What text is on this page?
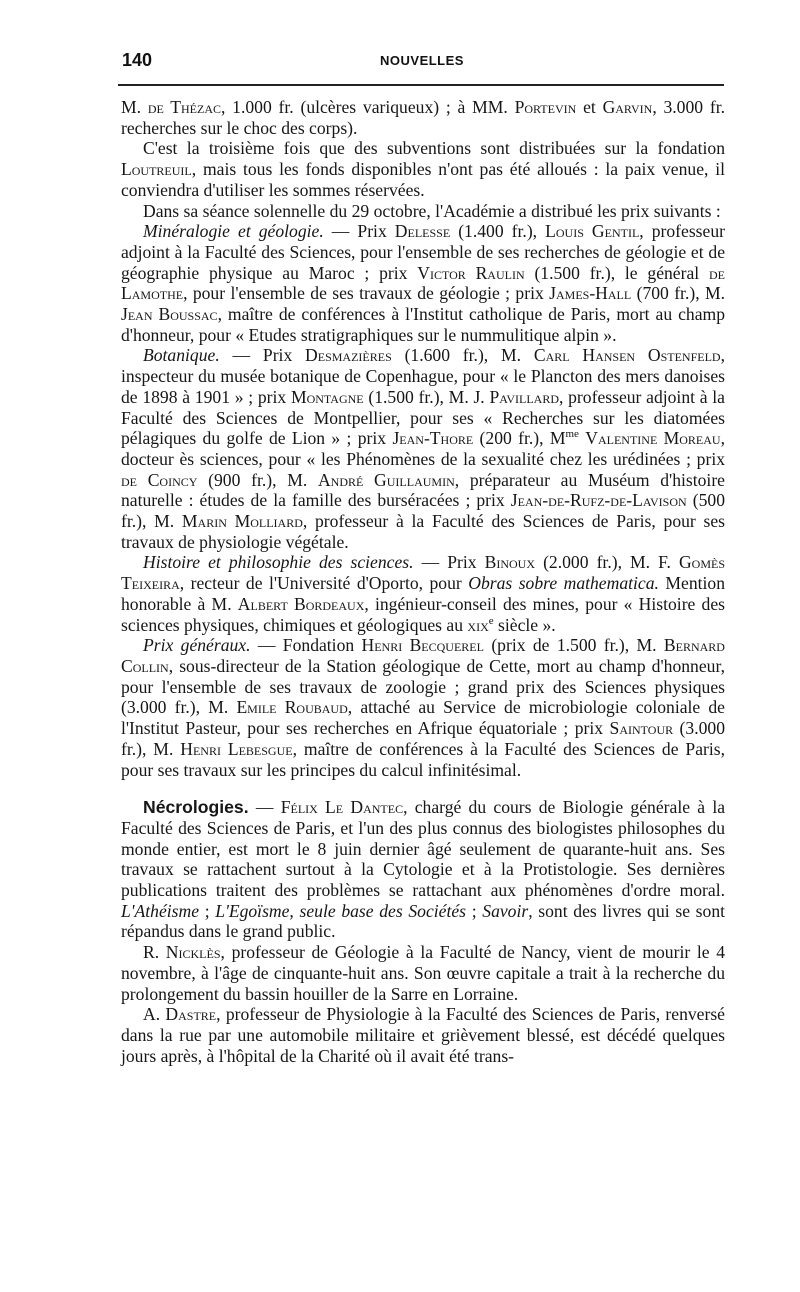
140	NOUVELLES

M. de Thézac, 1.000 fr. (ulcères variqueux) ; à MM. Portevin et Garvin, 3.000 fr. recherches sur le choc des corps).

C'est la troisième fois que des subventions sont distribuées sur la fondation Loutreuil, mais tous les fonds disponibles n'ont pas été alloués : la paix venue, il conviendra d'utiliser les sommes réservées.

Dans sa séance solennelle du 29 octobre, l'Académie a distribué les prix suivants :

Minéralogie et géologie. — Prix Delesse (1.400 fr.), Louis Gentil, professeur adjoint à la Faculté des Sciences, pour l'ensemble de ses recherches de géologie et de géographie physique au Maroc ; prix Victor Raulin (1.500 fr.), le général de Lamothe, pour l'ensemble de ses travaux de géologie ; prix James-Hall (700 fr.), M. Jean Boussac, maître de conférences à l'Institut catholique de Paris, mort au champ d'honneur, pour « Etudes stratigraphiques sur le nummulitique alpin ».

Botanique. — Prix Desmazières (1.600 fr.), M. Carl Hansen Ostenfeld, inspecteur du musée botanique de Copenhague, pour « le Plancton des mers danoises de 1898 à 1901 » ; prix Montagne (1.500 fr.), M. J. Pavillard, professeur adjoint à la Faculté des Sciences de Montpellier, pour ses « Recherches sur les diatomées pélagiques du golfe de Lion » ; prix Jean-Thore (200 fr.), $M^{me}$ Valentine Moreau, docteur ès sciences, pour « les Phénomènes de la sexualité chez les urédinées ; prix de Coincy (900 fr.), M. André Guillaumin, préparateur au Muséum d'histoire naturelle : études de la famille des burséracées ; prix Jean-de-Rufz-de-Lavison (500 fr.), M. Marin Molliard, professeur à la Faculté des Sciences de Paris, pour ses travaux de physiologie végétale.

Histoire et philosophie des sciences. — Prix Binoux (2.000 fr.), M. F. Gomès Teixeira, recteur de l'Université d'Oporto, pour Obras sobre mathematica. Mention honorable à M. Albert Bordeaux, ingénieur-conseil des mines, pour « Histoire des sciences physiques, chimiques et géologiques au xix$^e$ siècle ».

Prix généraux. — Fondation Henri Becquerel (prix de 1.500 fr.), M. Bernard Collin, sous-directeur de la Station géologique de Cette, mort au champ d'honneur, pour l'ensemble de ses travaux de zoologie ; grand prix des Sciences physiques (3.000 fr.), M. Emile Roubaud, attaché au Service de microbiologie coloniale de l'Institut Pasteur, pour ses recherches en Afrique équatoriale ; prix Saintour (3.000 fr.), M. Henri Lebesgue, maître de conférences à la Faculté des Sciences de Paris, pour ses travaux sur les principes du calcul infinitésimal.

Nécrologies. — Félix Le Dantec, chargé du cours de Biologie générale à la Faculté des Sciences de Paris, et l'un des plus connus des biologistes philosophes du monde entier, est mort le 8 juin dernier âgé seulement de quarante-huit ans. Ses travaux se rattachent surtout à la Cytologie et à la Protistologie. Ses dernières publications traitent des problèmes se rattachant aux phénomènes d'ordre moral. L'Athéisme ; L'Egoïsme, seule base des Sociétés ; Savoir, sont des livres qui se sont répandus dans le grand public.

R. Nicklès, professeur de Géologie à la Faculté de Nancy, vient de mourir le 4 novembre, à l'âge de cinquante-huit ans. Son œuvre capitale a trait à la recherche du prolongement du bassin houiller de la Sarre en Lorraine.

A. Dastre, professeur de Physiologie à la Faculté des Sciences de Paris, renversé dans la rue par une automobile militaire et grièvement blessé, est décédé quelques jours après, à l'hôpital de la Charité où il avait été trans-
